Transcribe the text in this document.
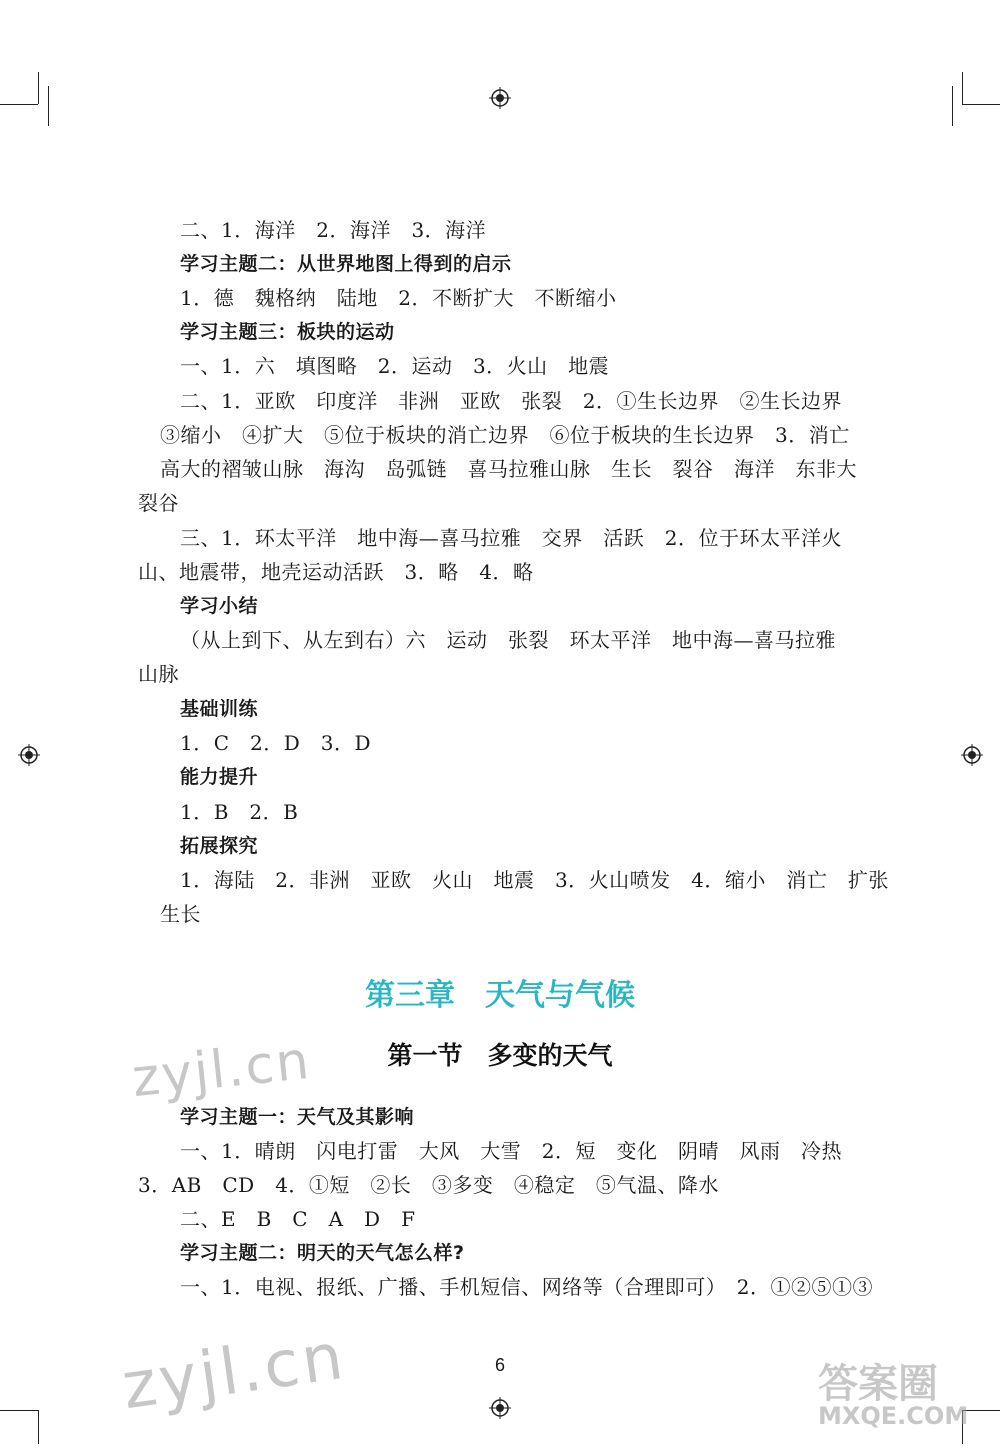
二、1．海洋　2．海洋　3．海洋
学习主题二：从世界地图上得到的启示
1．德　魏格纳　陆地　2．不断扩大　不断缩小
学习主题三：板块的运动
一、1．六　填图略　2．运动　3．火山　地震
二、1．亚欧　印度洋　非洲　亚欧　张裂　2．①生长边界　②生长边界
③缩小　④扩大　⑤位于板块的消亡边界　⑥位于板块的生长边界　3．消亡
高大的褶皱山脉　海沟　岛弧链　喜马拉雅山脉　生长　裂谷　海洋　东非大
裂谷
三、1．环太平洋　地中海—喜马拉雅　交界　活跃　2．位于环太平洋火
山、地震带，地壳运动活跃　3．略　4．略
学习小结
（从上到下、从左到右）六　运动　张裂　环太平洋　地中海—喜马拉雅
山脉
基础训练
1．C　2．D　3．D
能力提升
1．B　2．B
拓展探究
1．海陆　2．非洲　亚欧　火山　地震　3．火山喷发　4．缩小　消亡　扩张
生长
第三章　天气与气候
第一节　多变的天气
zyjl.cn
学习主题一：天气及其影响
一、1．晴朗　闪电打雷　大风　大雪　2．短　变化　阴晴　风雨　冷热
3．AB　CD　4．①短　②长　③多变　④稳定　⑤气温、降水
二、E　B　C　A　D　F
学习主题二：明天的天气怎么样?
一、1．电视、报纸、广播、手机短信、网络等（合理即可）　2．①②⑤①③
6
zyjl.cn	答案圈
MXQE.COM
